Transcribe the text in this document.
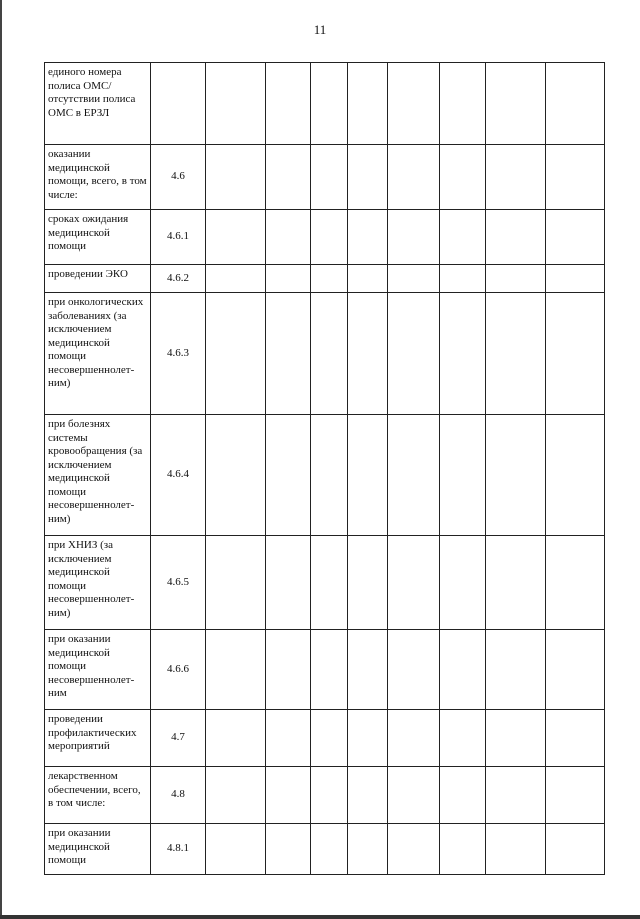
11
единого номера полиса ОМС/отсутствии полиса ОМС в ЕРЗЛ									
оказании медицинской помощи, всего, в том числе:	4.6								
сроках ожидания медицинской помощи	4.6.1								
проведении ЭКО	4.6.2								
при онкологических заболеваниях (за исключением медицинской помощи несовершеннолет-ним)	4.6.3								
при болезнях системы кровообращения (за исключением медицинской помощи несовершеннолет-ним)	4.6.4								
при ХНИЗ (за исключением медицинской помощи несовершеннолет-ним)	4.6.5								
при оказании медицинской помощи несовершеннолет-ним	4.6.6								
проведении профилактических мероприятий	4.7								
лекарственном обеспечении, всего, в том числе:	4.8								
при оказании медицинской помощи	4.8.1								
